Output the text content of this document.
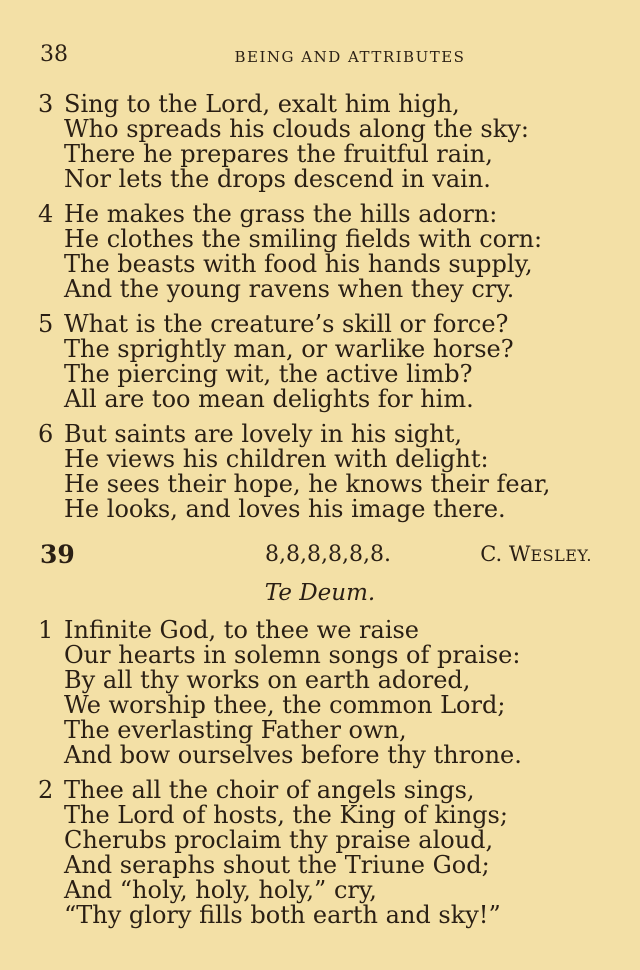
38	BEING AND ATTRIBUTES
3 Sing to the Lord, exalt him high,
Who spreads his clouds along the sky:
There he prepares the fruitful rain,
Nor lets the drops descend in vain.
4 He makes the grass the hills adorn:
He clothes the smiling fields with corn:
The beasts with food his hands supply,
And the young ravens when they cry.
5 What is the creature’s skill or force?
The sprightly man, or warlike horse?
The piercing wit, the active limb?
All are too mean delights for him.
6 But saints are lovely in his sight,
He views his children with delight:
He sees their hope, he knows their fear,
He looks, and loves his image there.
39	8,8,8,8,8,8.	C. WESLEY.
Te Deum.
1 Infinite God, to thee we raise
Our hearts in solemn songs of praise:
By all thy works on earth adored,
We worship thee, the common Lord;
The everlasting Father own,
And bow ourselves before thy throne.
2 Thee all the choir of angels sings,
The Lord of hosts, the King of kings;
Cherubs proclaim thy praise aloud,
And seraphs shout the Triune God;
And “holy, holy, holy,” cry,
“Thy glory fills both earth and sky!”
